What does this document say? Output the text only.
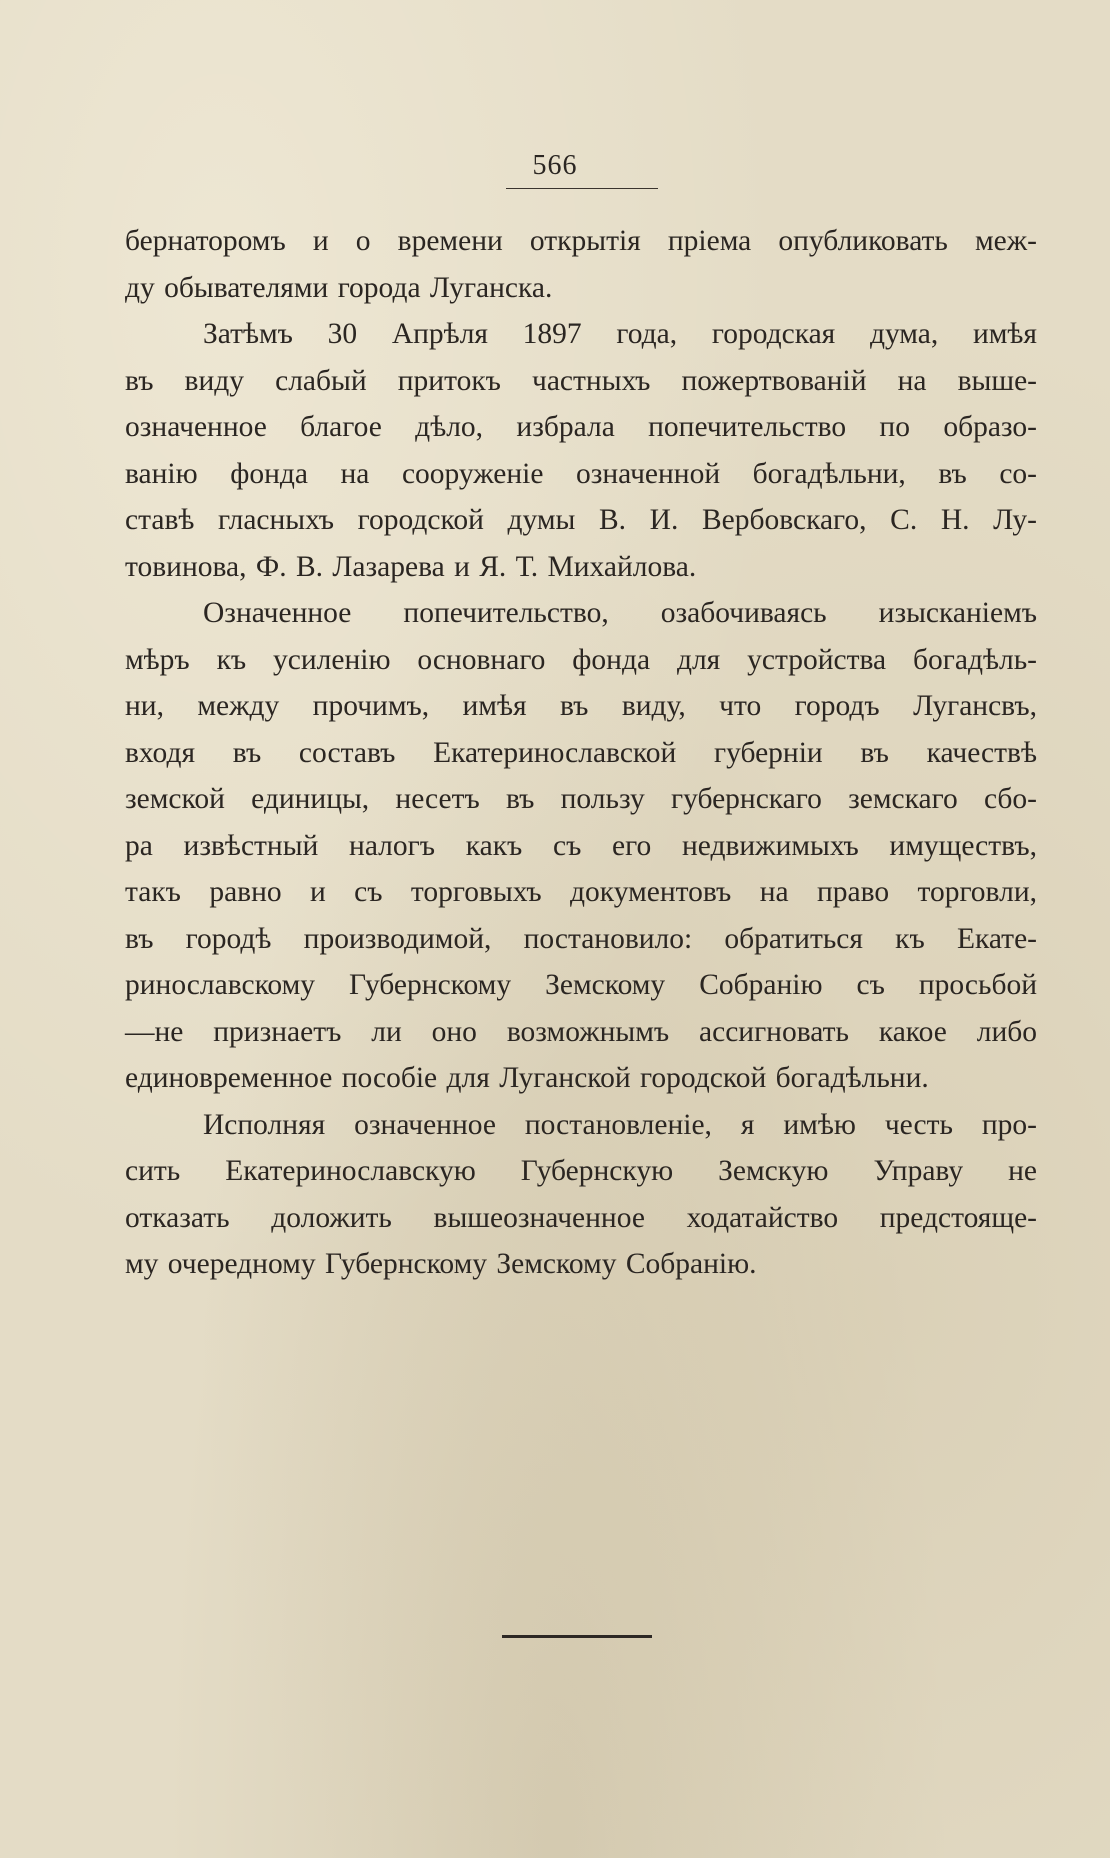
566
бернаторомъ и о времени открытія пріема опубликовать меж-
ду обывателями города Луганска.
Затѣмъ 30 Апрѣля 1897 года, городская дума, имѣя
въ виду слабый притокъ частныхъ пожертвованій на выше-
означенное благое дѣло, избрала попечительство по образо-
ванію фонда на сооруженіе означенной богадѣльни, въ со-
ставѣ гласныхъ городской думы В. И. Вербовскаго, С. Н. Лу-
товинова, Ф. В. Лазарева и Я. Т. Михайлова.
Означенное попечительство, озабочиваясь изысканіемъ
мѣръ къ усиленію основнаго фонда для устройства богадѣль-
ни, между прочимъ, имѣя въ виду, что городъ Лугансвъ,
входя въ составъ Екатеринославской губерніи въ качествѣ
земской единицы, несетъ въ пользу губернскаго земскаго сбо-
ра извѣстный налогъ какъ съ его недвижимыхъ имуществъ,
такъ равно и съ торговыхъ документовъ на право торговли,
въ городѣ производимой, постановило: обратиться къ Екате-
ринославскому Губернскому Земскому Собранію съ просьбой
—не признаетъ ли оно возможнымъ ассигновать какое либо
единовременное пособіе для Луганской городской богадѣльни.
Исполняя означенное постановленіе, я имѣю честь про-
сить Екатеринославскую Губернскую Земскую Управу не
отказать доложить вышеозначенное ходатайство предстояще-
му очередному Губернскому Земскому Собранію.
